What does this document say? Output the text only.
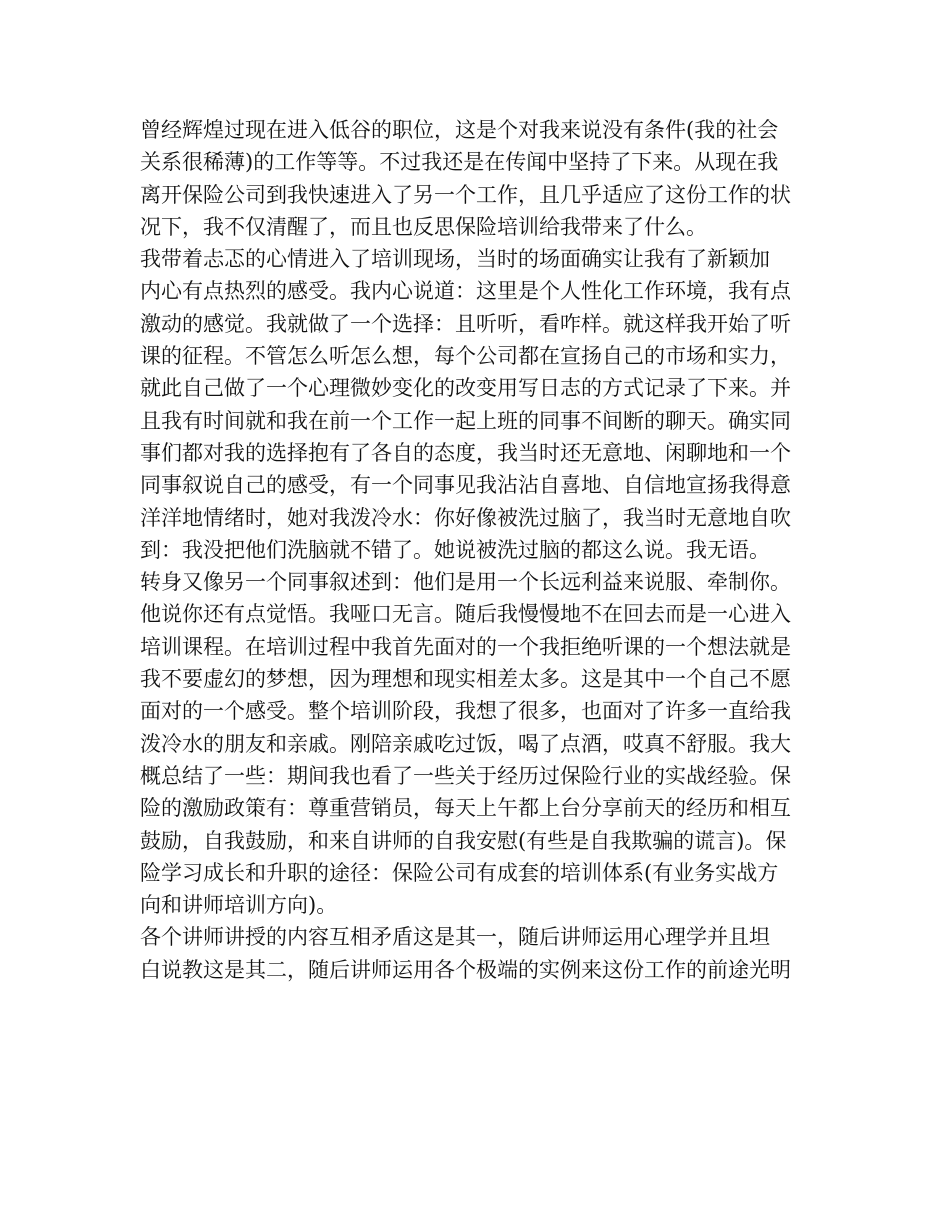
曾经辉煌过现在进入低谷的职位，这是个对我来说没有条件(我的社会
关系很稀薄)的工作等等。不过我还是在传闻中坚持了下来。从现在我
离开保险公司到我快速进入了另一个工作，且几乎适应了这份工作的状
况下，我不仅清醒了，而且也反思保险培训给我带来了什么。
我带着忐忑的心情进入了培训现场，当时的场面确实让我有了新颖加
内心有点热烈的感受。我内心说道：这里是个人性化工作环境，我有点
激动的感觉。我就做了一个选择：且听听，看咋样。就这样我开始了听
课的征程。不管怎么听怎么想，每个公司都在宣扬自己的市场和实力，
就此自己做了一个心理微妙变化的改变用写日志的方式记录了下来。并
且我有时间就和我在前一个工作一起上班的同事不间断的聊天。确实同
事们都对我的选择抱有了各自的态度，我当时还无意地、闲聊地和一个
同事叙说自己的感受，有一个同事见我沾沾自喜地、自信地宣扬我得意
洋洋地情绪时，她对我泼冷水：你好像被洗过脑了，我当时无意地自吹
到：我没把他们洗脑就不错了。她说被洗过脑的都这么说。我无语。
转身又像另一个同事叙述到：他们是用一个长远利益来说服、牵制你。
他说你还有点觉悟。我哑口无言。随后我慢慢地不在回去而是一心进入
培训课程。在培训过程中我首先面对的一个我拒绝听课的一个想法就是
我不要虚幻的梦想，因为理想和现实相差太多。这是其中一个自己不愿
面对的一个感受。整个培训阶段，我想了很多，也面对了许多一直给我
泼冷水的朋友和亲戚。刚陪亲戚吃过饭，喝了点酒，哎真不舒服。我大
概总结了一些：期间我也看了一些关于经历过保险行业的实战经验。保
险的激励政策有：尊重营销员，每天上午都上台分享前天的经历和相互
鼓励，自我鼓励，和来自讲师的自我安慰(有些是自我欺骗的谎言)。保
险学习成长和升职的途径：保险公司有成套的培训体系(有业务实战方
向和讲师培训方向)。
各个讲师讲授的内容互相矛盾这是其一，随后讲师运用心理学并且坦
白说教这是其二，随后讲师运用各个极端的实例来这份工作的前途光明
